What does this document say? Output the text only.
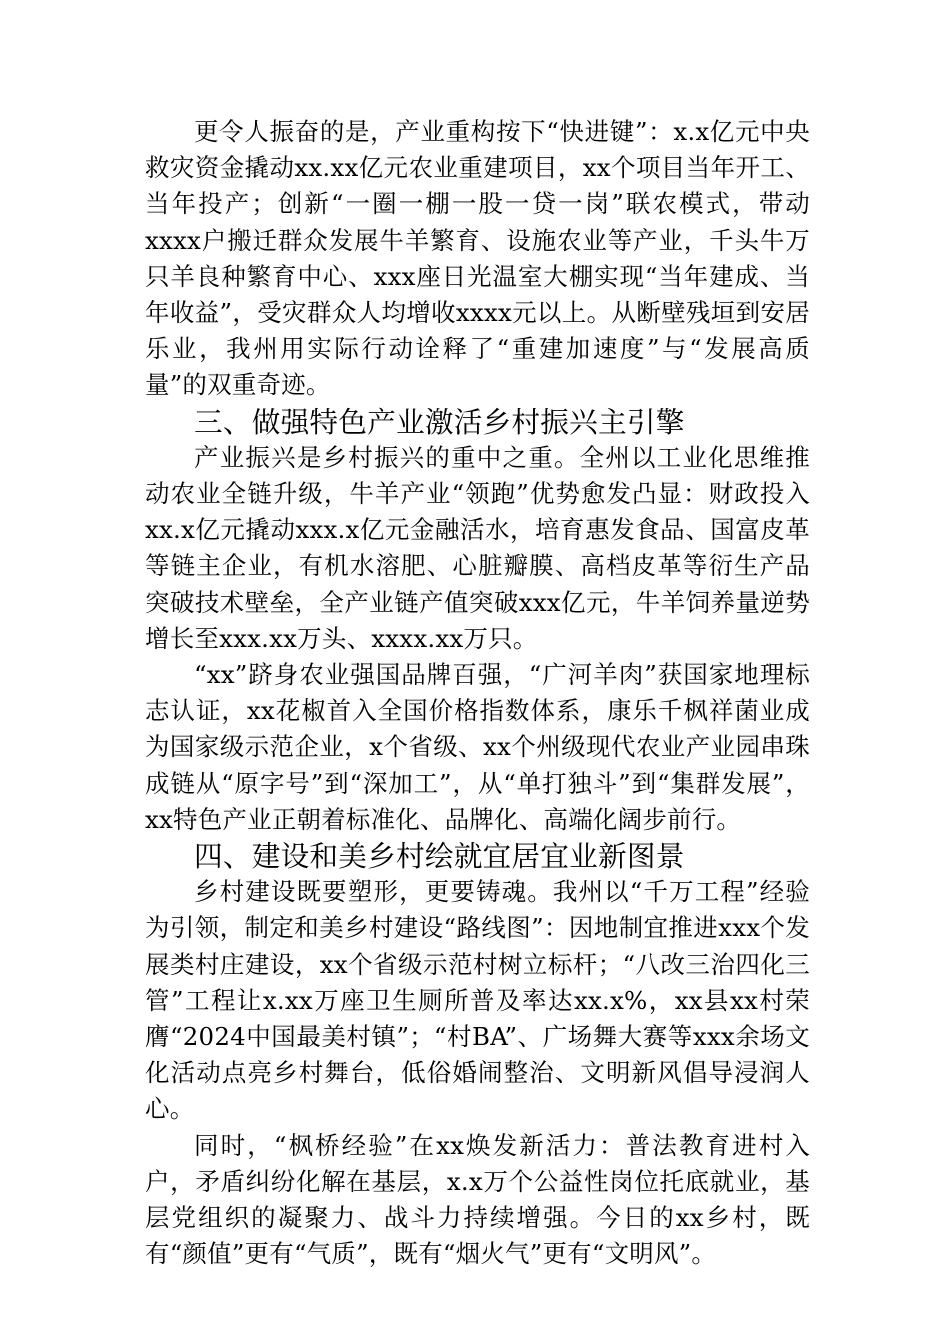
更令人振奋的是，产业重构按下“快进键”：x.x亿元中央救灾资金撬动xx.xx亿元农业重建项目，xx个项目当年开工、当年投产；创新“一圈一棚一股一贷一岗”联农模式，带动xxxx户搬迁群众发展牛羊繁育、设施农业等产业，千头牛万只羊良种繁育中心、xxx座日光温室大棚实现“当年建成、当年收益”，受灾群众人均增收xxxx元以上。从断壁残垣到安居乐业，我州用实际行动诠释了“重建加速度”与“发展高质量”的双重奇迹。

三、做强特色产业激活乡村振兴主引擎

产业振兴是乡村振兴的重中之重。全州以工业化思维推动农业全链升级，牛羊产业“领跑”优势愈发凸显：财政投入xx.x亿元撬动xxx.x亿元金融活水，培育惠发食品、国富皮革等链主企业，有机水溶肥、心脏瓣膜、高档皮革等衍生产品突破技术壁垒，全产业链产值突破xxx亿元，牛羊饲养量逆势增长至xxx.xx万头、xxxx.xx万只。

“xx”跻身农业强国品牌百强，“广河羊肉”获国家地理标志认证，xx花椒首入全国价格指数体系，康乐千枫祥菌业成为国家级示范企业，x个省级、xx个州级现代农业产业园串珠成链从“原字号”到“深加工”，从“单打独斗”到“集群发展”，xx特色产业正朝着标准化、品牌化、高端化阔步前行。

四、建设和美乡村绘就宜居宜业新图景

乡村建设既要塑形，更要铸魂。我州以“千万工程”经验为引领，制定和美乡村建设“路线图”：因地制宜推进xxx个发展类村庄建设，xx个省级示范村树立标杆；“八改三治四化三管”工程让x.xx万座卫生厕所普及率达xx.x%，xx县xx村荣膺“2024中国最美村镇”；“村BA”、广场舞大赛等xxx余场文化活动点亮乡村舞台，低俗婚闹整治、文明新风倡导浸润人心。

同时，“枫桥经验”在xx焕发新活力：普法教育进村入户，矛盾纠纷化解在基层，x.x万个公益性岗位托底就业，基层党组织的凝聚力、战斗力持续增强。今日的xx乡村，既有“颜值”更有“气质”，既有“烟火气”更有“文明风”。
